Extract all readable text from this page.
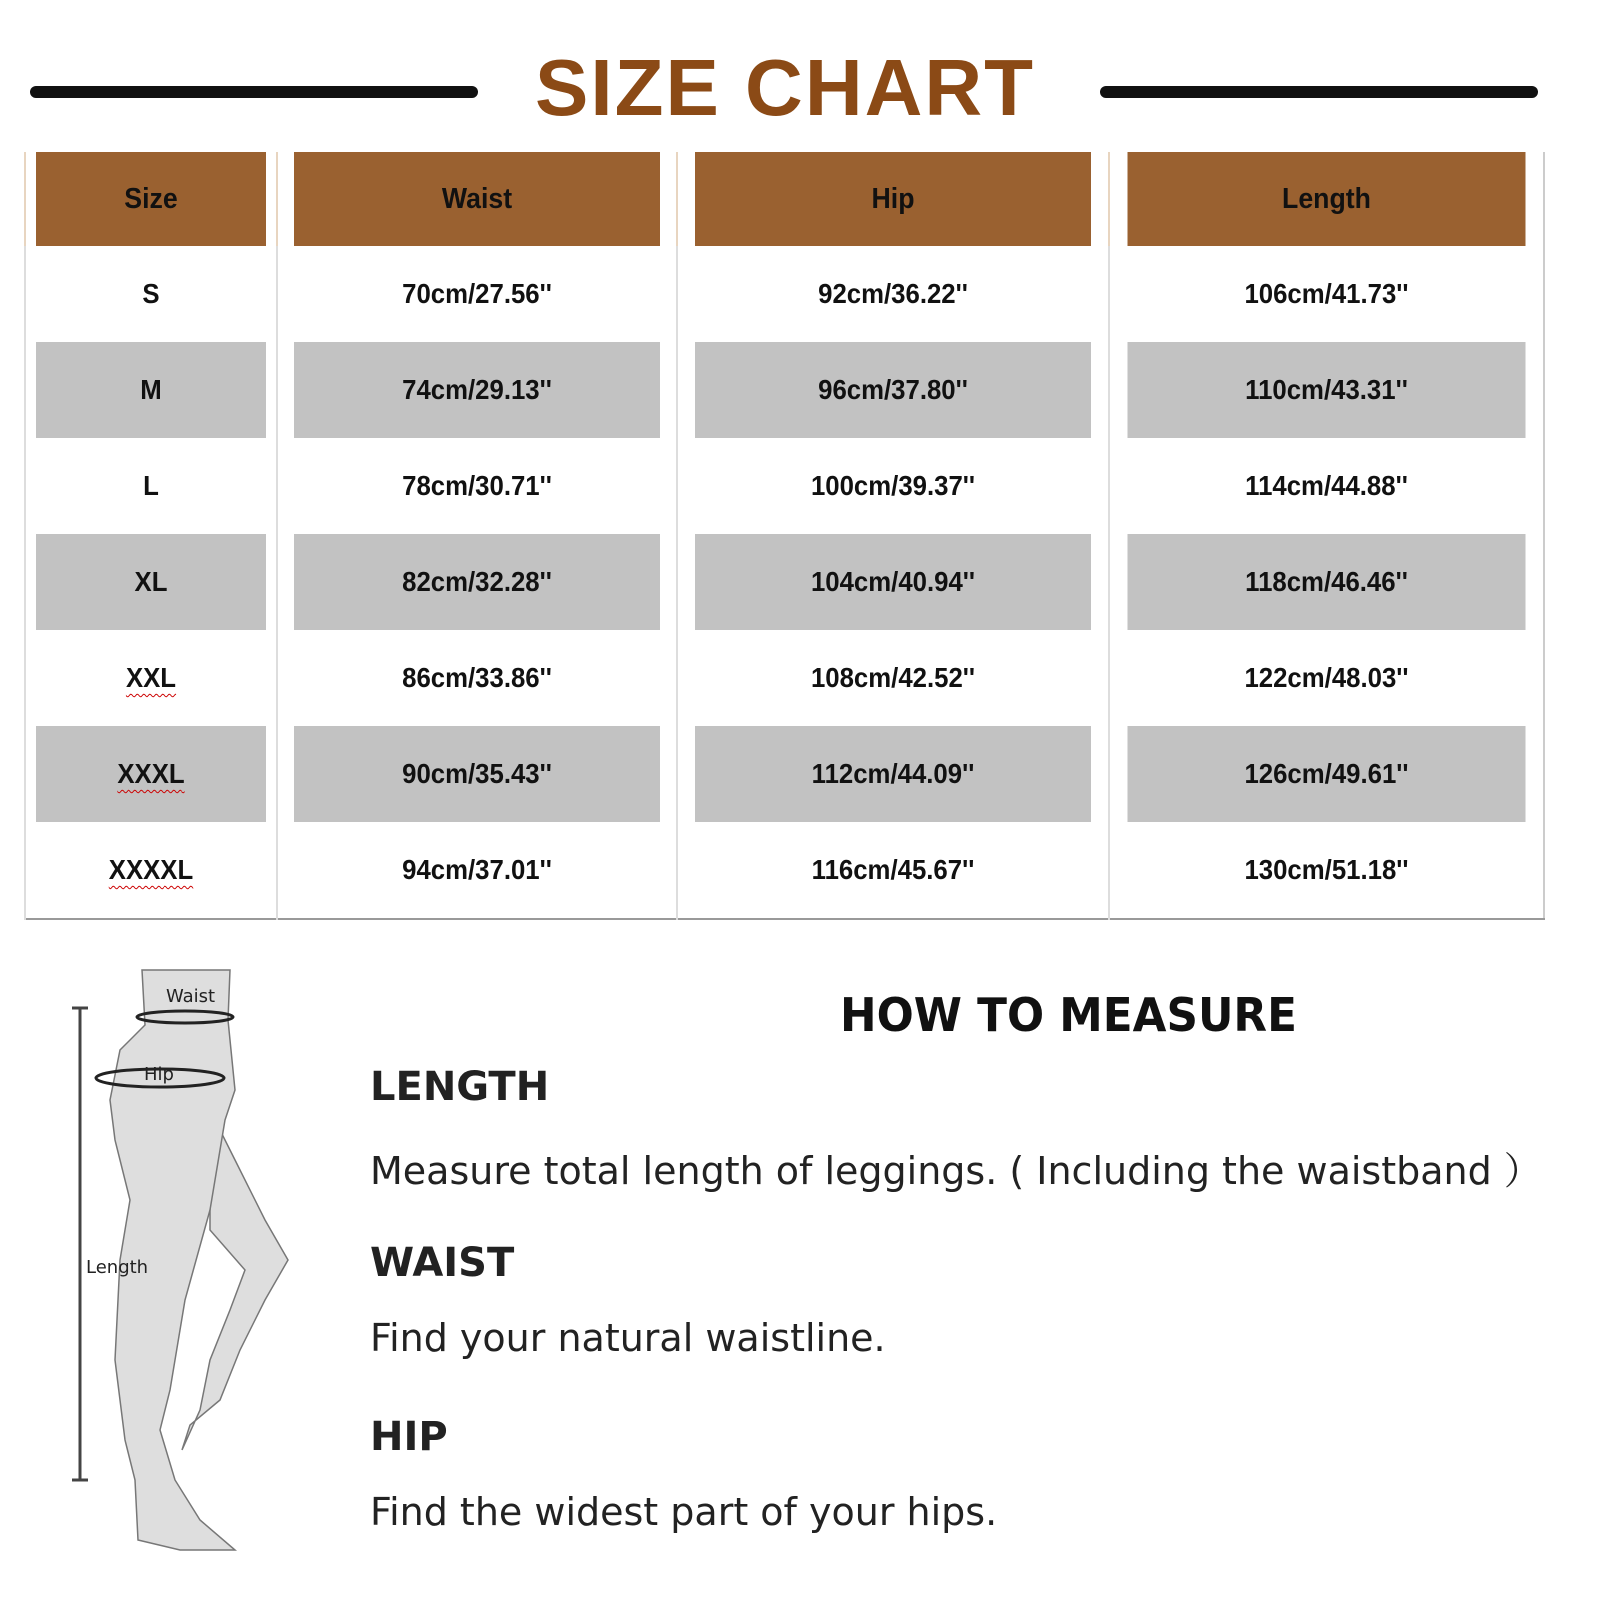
SIZE CHART
Size	Waist	Hip	Length
S	70cm/27.56''	92cm/36.22''	106cm/41.73''
M	74cm/29.13''	96cm/37.80''	110cm/43.31''
L	78cm/30.71''	100cm/39.37''	114cm/44.88''
XL	82cm/32.28''	104cm/40.94''	118cm/46.46''
XXL	86cm/33.86''	108cm/42.52''	122cm/48.03''
XXXL	90cm/35.43''	112cm/44.09''	126cm/49.61''
XXXXL	94cm/37.01''	116cm/45.67''	130cm/51.18''
Waist
Hip
Length
HOW TO MEASURE
LENGTH
Measure total length of leggings. ( Including the waistband ）
WAIST
Find your natural waistline.
HIP
Find the widest part of your hips.
